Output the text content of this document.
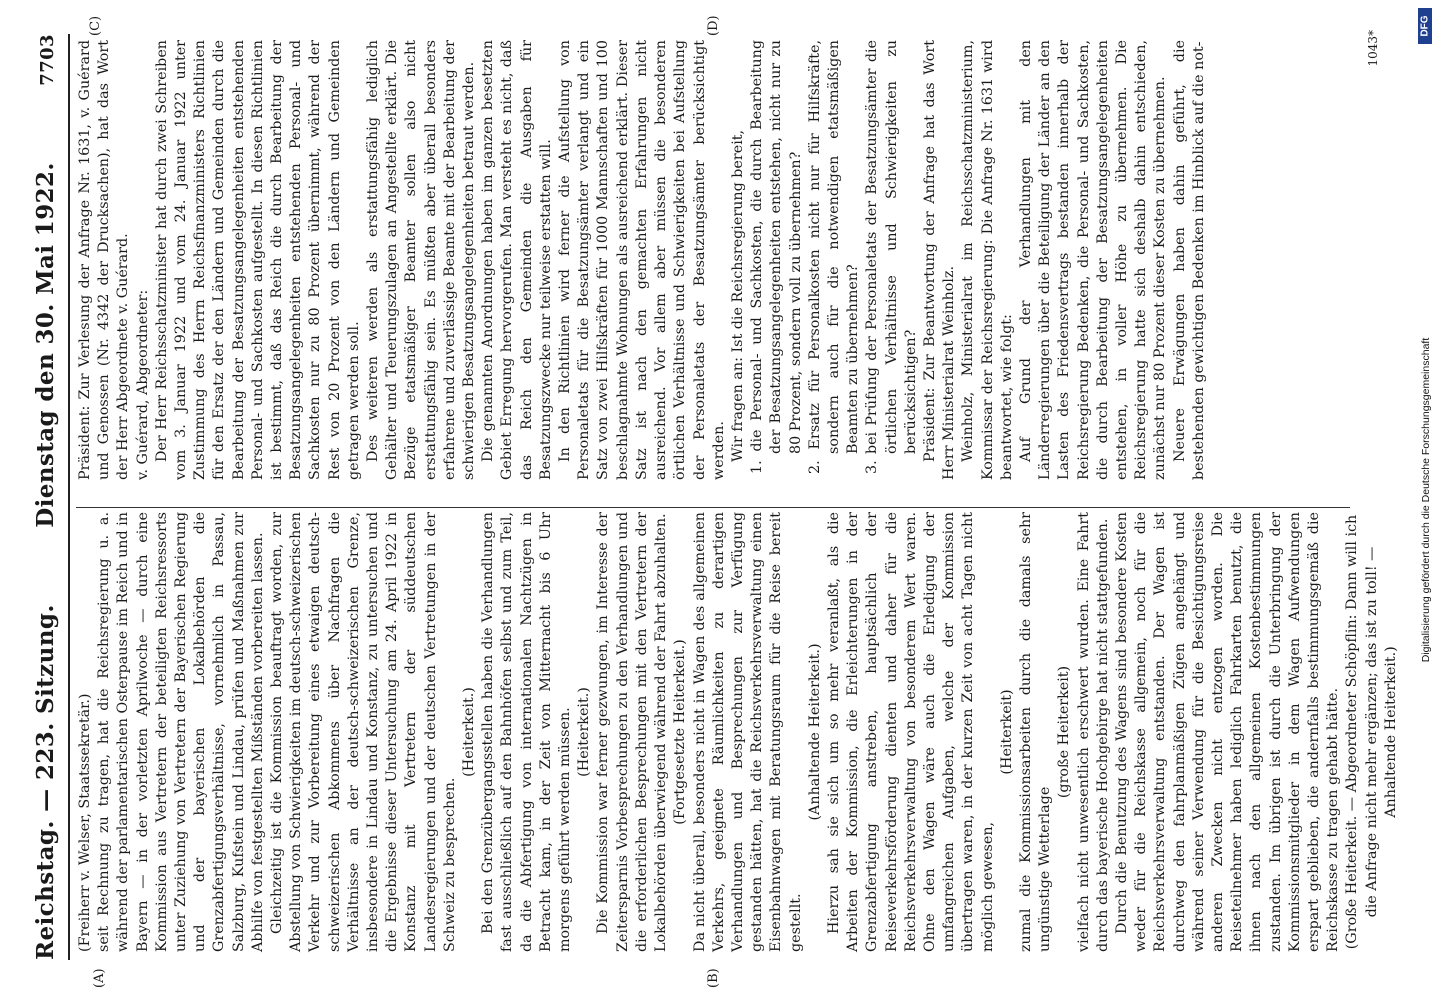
Reichstag. — 223. Sitzung.
Dienstag den 30. Mai 1922.
7703
(A)	(B)
(C)	(D)

(Freiherr v. Welser, Staatssekretär.) seit Rechnung zu tragen, hat die Reichsregierung u. a. während der parlamentarischen Osterpause im Reich und in Bayern — in der vorletzten Aprilwoche — durch eine Kommission aus Vertretern der beteiligten Reichsressorts unter Zuziehung von Vertretern der Bayerischen Regierung und der bayerischen Lokalbehörden die Grenzabfertigungsverhältnisse, vornehmlich in Passau, Salzburg, Kufstein und Lindau, prüfen und Maßnahmen zur Abhilfe von festgestellten Mißständen vorbereiten lassen. Gleichzeitig ist die Kommission beauftragt worden, zur Abstellung von Schwierigkeiten im deutsch-schweizerischen Verkehr und zur Vorbereitung eines etwaigen deutsch-schweizerischen Abkommens über Nachfragen die Verhältnisse an der deutsch-schweizerischen Grenze, insbesondere in Lindau und Konstanz, zu untersuchen und die Ergebnisse dieser Untersuchung am 24. April 1922 in Konstanz mit Vertretern der süddeutschen Landesregierungen und der deutschen Vertretungen in der Schweiz zu besprechen.

(Heiterkeit.) Bei den Grenzübergangsstellen haben die Verhandlungen fast ausschließlich auf den Bahnhöfen selbst und zum Teil, da die Abfertigung von internationalen Nachtzügen in Betracht kam, in der Zeit von Mitternacht bis 6 Uhr morgens geführt werden müssen. (Heiterkeit.) Die Kommission war ferner gezwungen, im Interesse der Zeitersparnis Vorbesprechungen zu den Verhandlungen und die erforderlichen Besprechungen mit den Vertretern der Lokalbehörden überwiegend während der Fahrt abzuhalten. (Fortgesetzte Heiterkeit.) Da nicht überall, besonders nicht in Wagen des allgemeinen Verkehrs, geeignete Räumlichkeiten zu derartigen Verhandlungen und Besprechungen zur Verfügung gestanden hätten, hat die Reichsverkehrsverwaltung einen Eisenbahnwagen mit Beratungsraum für die Reise bereit gestellt.

(Anhaltende Heiterkeit.) Hierzu sah sie sich um so mehr veranlaßt, als die Arbeiten der Kommission, die Erleichterungen in der Grenzabfertigung anstreben, hauptsächlich der Reiseverkehrsförderung dienten und daher für die Reichsverkehrsverwaltung von besonderem Wert waren. Ohne den Wagen wäre auch die Erledigung der umfangreichen Aufgaben, welche der Kommission übertragen waren, in der kurzen Zeit von acht Tagen nicht möglich gewesen,

(Heiterkeit) zumal die Kommissionsarbeiten durch die damals sehr ungünstige Wetterlage

(große Heiterkeit) vielfach nicht unwesentlich erschwert wurden. Eine Fahrt durch das bayerische Hochgebirge hat nicht stattgefunden. Durch die Benutzung des Wagens sind besondere Kosten weder für die Reichskasse allgemein, noch für die Reichsverkehrsverwaltung entstanden. Der Wagen ist durchweg den fahrplanmäßigen Zügen angehängt und während seiner Verwendung für die Besichtigungsreise anderen Zwecken nicht entzogen worden. Die Reiseteilnehmer haben lediglich Fahrkarten benutzt, die ihnen nach den allgemeinen Kostenbestimmungen zustanden. Im übrigen ist durch die Unterbringung der Kommissionsmitglieder in dem Wagen Aufwendungen erspart geblieben, die andernfalls bestimmungsgemäß die Reichskasse zu tragen gehabt hätte. (Große Heiterkeit. — Abgeordneter Schöpflin: Dann will ich die Anfrage nicht mehr ergänzen; das ist zu toll! — Anhaltende Heiterkeit.)

Präsident: Zur Verlesung der Anfrage Nr. 1631, v. Guérard und Genossen (Nr. 4342 der Drucksachen), hat das Wort der Herr Abgeordnete v. Guérard. v. Guérard, Abgeordneter: Der Herr Reichsschatzminister hat durch zwei Schreiben vom 3. Januar 1922 und vom 24. Januar 1922 unter Zustimmung des Herrn Reichsfinanzministers Richtlinien für den Ersatz der den Ländern und Gemeinden durch die Bearbeitung der Besatzungsangelegenheiten entstehenden Personal- und Sachkosten aufgestellt. In diesen Richtlinien ist bestimmt, daß das Reich die durch Bearbeitung der Besatzungsangelegenheiten entstehenden Personal- und Sachkosten nur zu 80 Prozent übernimmt, während der Rest von 20 Prozent von den Ländern und Gemeinden getragen werden soll. Des weiteren werden als erstattungsfähig lediglich Gehälter und Teuerungszulagen an Angestellte erklärt. Die Bezüge etatsmäßiger Beamter sollen also nicht erstattungsfähig sein. Es müßten aber überall besonders erfahrene und zuverlässige Beamte mit der Bearbeitung der schwierigen Besatzungsangelegenheiten betraut werden. Die genannten Anordnungen haben im ganzen besetzten Gebiet Erregung hervorgerufen. Man versteht es nicht, daß das Reich den Gemeinden die Ausgaben für Besatzungszwecke nur teilweise erstatten will. In den Richtlinien wird ferner die Aufstellung von Personaletats für die Besatzungsämter verlangt und ein Satz von zwei Hilfskräften für 1000 Mannschaften und 100 beschlagnahmte Wohnungen als ausreichend erklärt. Dieser Satz ist nach den gemachten Erfahrungen nicht ausreichend. Vor allem aber müssen die besonderen örtlichen Verhältnisse und Schwierigkeiten bei Aufstellung der Personaletats der Besatzungsämter berücksichtigt werden. Wir fragen an: Ist die Reichsregierung bereit, 1. die Personal- und Sachkosten, die durch Bearbeitung der Besatzungsangelegenheiten entstehen, nicht nur zu 80 Prozent, sondern voll zu übernehmen? 2. Ersatz für Personalkosten nicht nur für Hilfskräfte, sondern auch für die notwendigen etatsmäßigen Beamten zu übernehmen? 3. bei Prüfung der Personaletats der Besatzungsämter die örtlichen Verhältnisse und Schwierigkeiten zu berücksichtigen? Präsident: Zur Beantwortung der Anfrage hat das Wort Herr Ministerialrat Weinholz. Weinholz, Ministerialrat im Reichsschatzministerium, Kommissar der Reichsregierung: Die Anfrage Nr. 1631 wird beantwortet, wie folgt: Auf Grund der Verhandlungen mit den Länderregierungen über die Beteiligung der Länder an den Lasten des Friedensvertrags bestanden innerhalb der Reichsregierung Bedenken, die Personal- und Sachkosten, die durch Bearbeitung der Besatzungsangelegenheiten entstehen, in voller Höhe zu übernehmen. Die Reichsregierung hatte sich deshalb dahin entschieden, zunächst nur 80 Prozent dieser Kosten zu übernehmen. Neuere Erwägungen haben dahin geführt, die bestehenden gewichtigen Bedenken im Hinblick auf die not-	1043*
Digitalisierung gefördert durch die Deutsche Forschungsgemeinschaft
DFG
